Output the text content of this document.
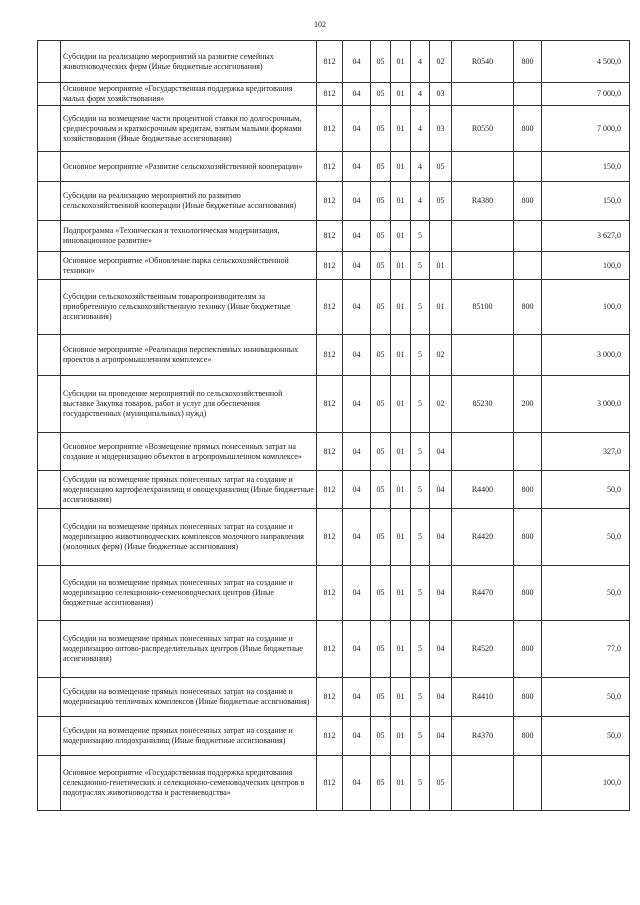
102
	Субсидии на реализацию мероприятий на развитие семейных животноводческих ферм (Иные бюджетные ассигнования)	812	04	05	01	4	02	R0540	800	4 500,0
	Основное мероприятие «Государственная поддержка кредитования малых форм хозяйствования»	812	04	05	01	4	03			7 000,0
	Субсидии на возмещение части процентной ставки по долгосрочным, среднесрочным и краткосрочным кредитам, взятым малыми формами хозяйствования (Иные бюджетные ассигнования)	812	04	05	01	4	03	R0550	800	7 000,0
	Основное мероприятие «Развитие сельскохозяйственной кооперации»	812	04	05	01	4	05			150,0
	Субсидии на реализацию мероприятий по развитию сельскохозяйственной кооперации (Иные бюджетные ассигнования)	812	04	05	01	4	05	R4380	800	150,0
	Подпрограмма «Техническая и технологическая модернизация, инновационное развитие»	812	04	05	01	5				3 627,0
	Основное мероприятие «Обновление парка сельскохозяйственной техники»	812	04	05	01	5	01			100,0
	Субсидии сельскохозяйственным товаропроизводителям за приобретенную сельскохозяйственную технику (Иные бюджетные ассигнования)	812	04	05	01	5	01	85100	800	100,0
	Основное мероприятие «Реализация перспективных инновационных проектов в агропромышленном комплексе»	812	04	05	01	5	02			3 000,0
	Субсидии на проведение мероприятий по сельскохозяйственной выставке Закупка товаров, работ и услуг для обеспечения государственных (муниципальных) нужд)	812	04	05	01	5	02	85230	200	3 000,0
	Основное мероприятие «Возмещение прямых понесенных затрат на создание и модернизацию объектов в агропромышленном комплексе»	812	04	05	01	5	04			327,0
	Субсидии на возмещение прямых понесенных затрат на создание и модернизацию картофелехранилищ и овощехранилищ (Иные бюджетные ассигнования)	812	04	05	01	5	04	R4400	800	50,0
	Субсидии на возмещение прямых понесенных затрат на создание и модернизацию животноводческих комплексов молочного направления (молочных ферм) (Иные бюджетные ассигнования)	812	04	05	01	5	04	R4420	800	50,0
	Субсидии на возмещение прямых понесенных затрат на создание и модернизацию селекционно-семеноводческих центров (Иные бюджетные ассигнования)	812	04	05	01	5	04	R4470	800	50,0
	Субсидии на возмещение прямых понесенных затрат на создание и модернизацию оптово-распределительных центров (Иные бюджетные ассигнования)	812	04	05	01	5	04	R4520	800	77,0
	Субсидии на возмещение прямых понесенных затрат на создание и модернизацию тепличных комплексов (Иные бюджетные ассигнования)	812	04	05	01	5	04	R4410	800	50,0
	Субсидии на возмещение прямых понесенных затрат на создание и модернизацию плодохранилищ (Иные бюджетные ассигнования)	812	04	05	01	5	04	R4370	800	50,0
	Основное мероприятие «Государственная поддержка кредитования селекционно-генетических и селекционно-семеноводческих центров в подотраслях животноводства и растениеводства»	812	04	05	01	5	05			100,0
